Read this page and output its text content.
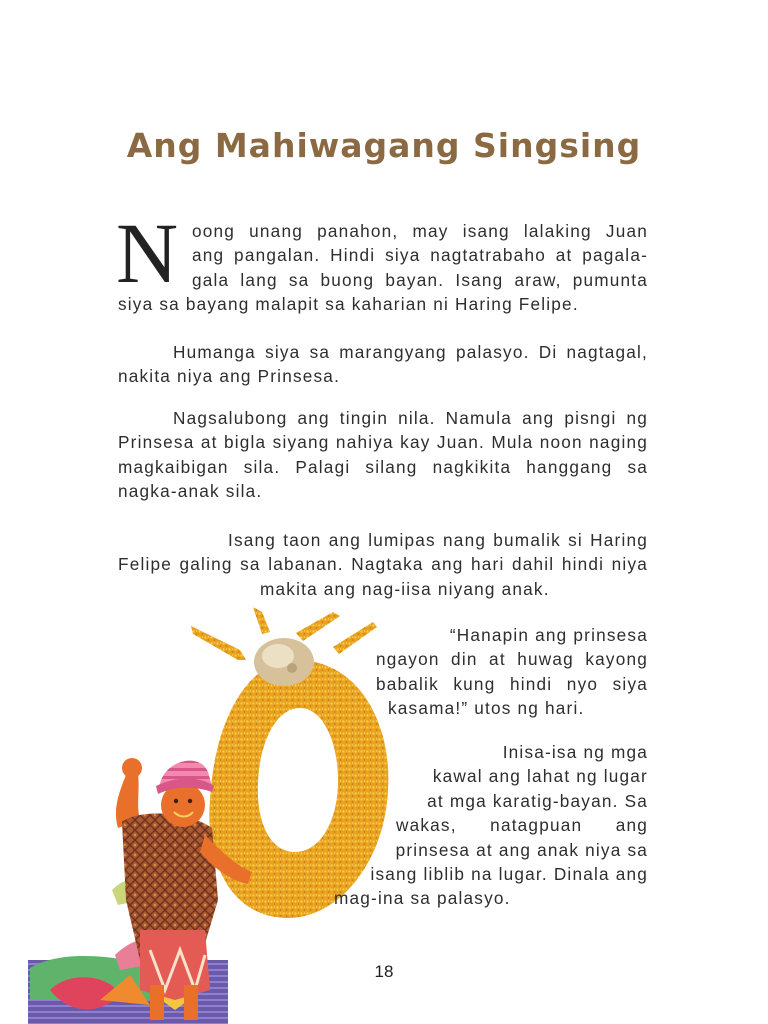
Ang Mahiwagang Singsing
N oong unang panahon, may isang lalaking Juan
ang pangalan. Hindi siya nagtatrabaho at pagala-
gala lang sa buong bayan. Isang araw, pumunta
siya sa bayang malapit sa kaharian ni Haring Felipe.
Humanga siya sa marangyang palasyo. Di nagtagal,
nakita niya ang Prinsesa.
Nagsalubong ang tingin nila. Namula ang pisngi ng
Prinsesa at bigla siyang nahiya kay Juan. Mula noon naging
magkaibigan sila. Palagi silang nagkikita hanggang sa
nagka-anak sila.
Isang taon ang lumipas nang bumalik si Haring
Felipe galing sa labanan. Nagtaka ang hari dahil hindi niya
makita ang nag-iisa niyang anak.
“Hanapin ang prinsesa
ngayon din at huwag kayong
babalik kung hindi nyo siya
kasama!” utos ng hari.
Inisa-isa ng mga
kawal ang lahat ng lugar
at mga karatig-bayan. Sa
wakas, natagpuan ang
prinsesa at ang anak niya sa
isang liblib na lugar. Dinala ang
mag-ina sa palasyo.
18
